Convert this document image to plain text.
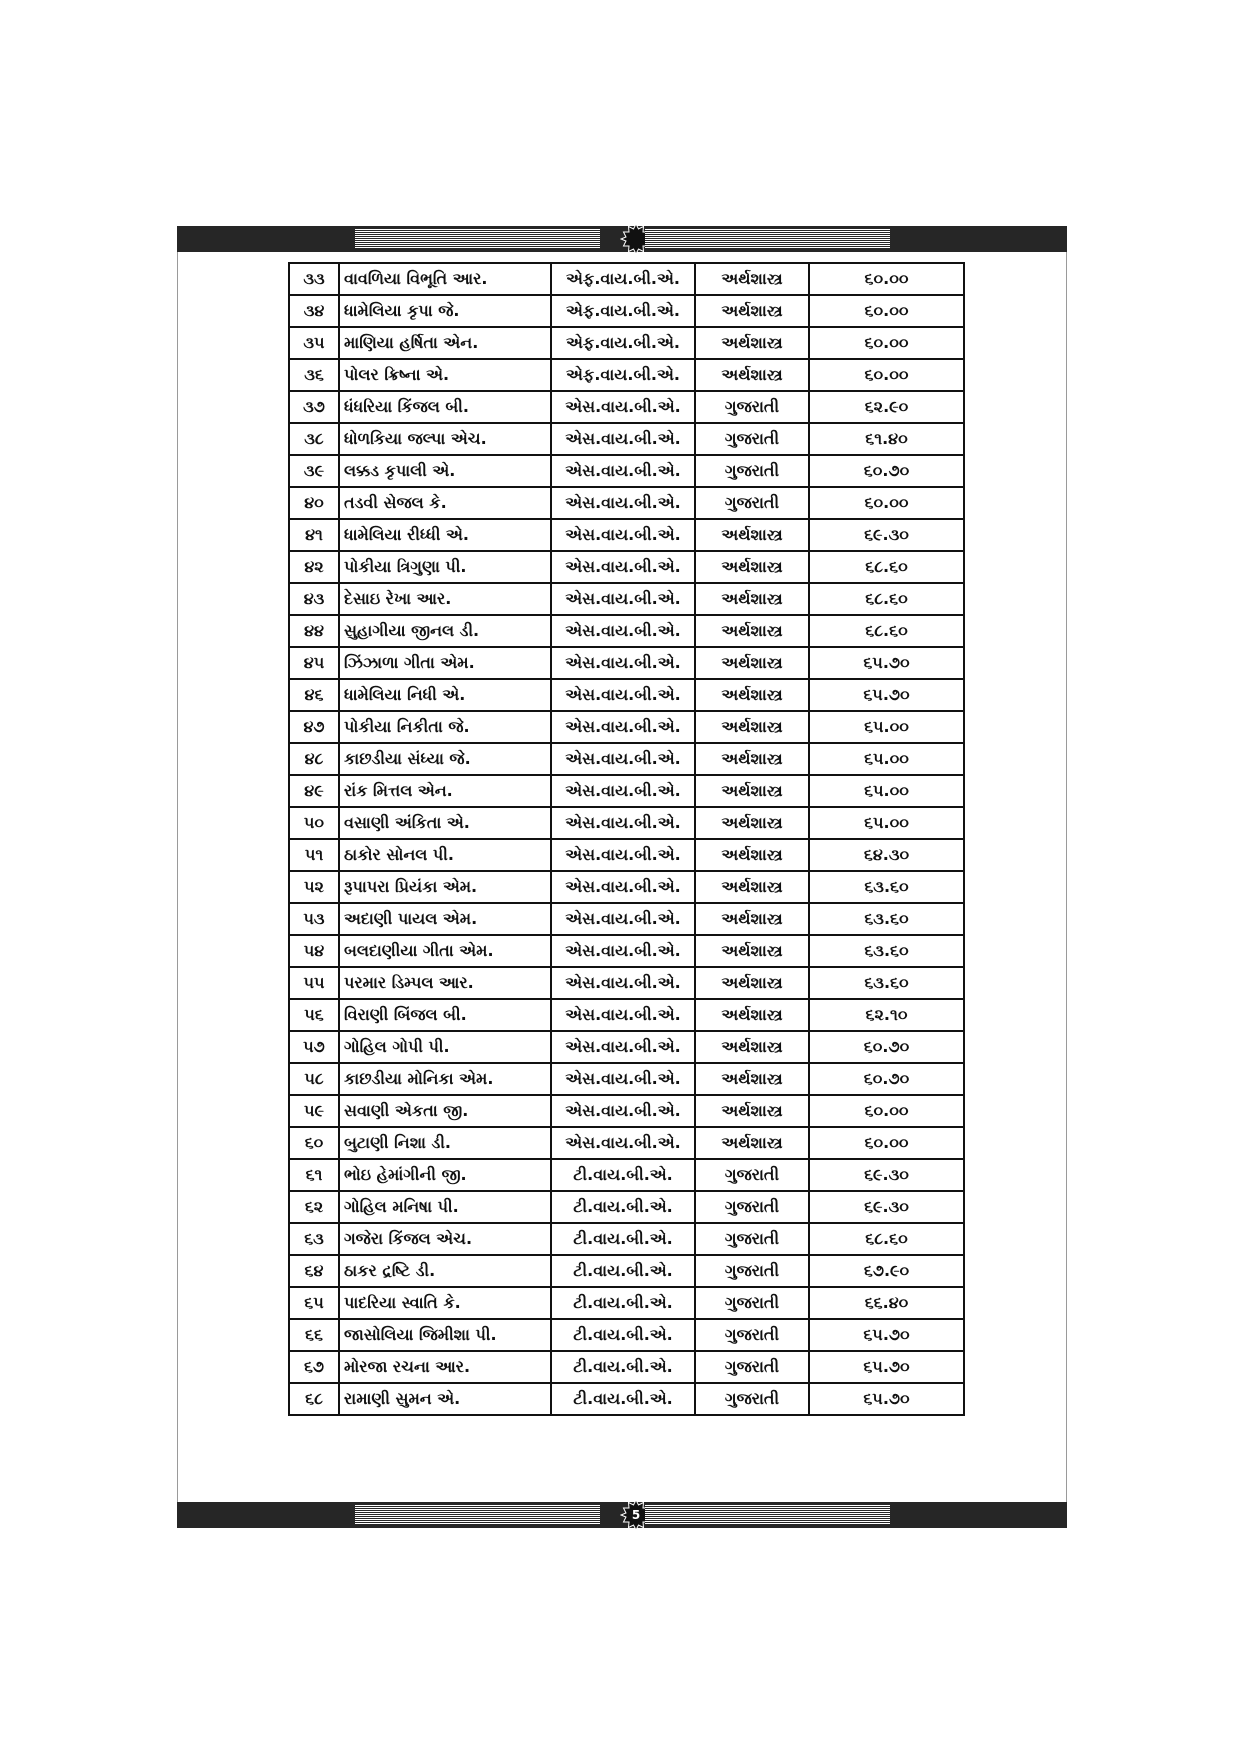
૩૩	વાવળિયા વિભૂતિ આર.	એફ.વાય.બી.એ.	અર્થશાસ્ત્ર	૬૦.૦૦
૩૪	ધામેલિયા કૃપા જે.	એફ.વાય.બી.એ.	અર્થશાસ્ત્ર	૬૦.૦૦
૩૫	માણિયા હર્ષિતા એન.	એફ.વાય.બી.એ.	અર્થશાસ્ત્ર	૬૦.૦૦
૩૬	પોલર ક્રિષ્ના એ.	એફ.વાય.બી.એ.	અર્થશાસ્ત્ર	૬૦.૦૦
૩૭	ધંધરિયા કિંજલ બી.	એસ.વાય.બી.એ.	ગુજરાતી	૬૨.૯૦
૩૮	ધોળકિયા જલ્પા એચ.	એસ.વાય.બી.એ.	ગુજરાતી	૬૧.૪૦
૩૯	લક્કડ કૃપાલી એ.	એસ.વાય.બી.એ.	ગુજરાતી	૬૦.૭૦
૪૦	તડવી સેજલ કે.	એસ.વાય.બી.એ.	ગુજરાતી	૬૦.૦૦
૪૧	ધામેલિયા રીધ્ધી એ.	એસ.વાય.બી.એ.	અર્થશાસ્ત્ર	૬૯.૩૦
૪૨	પોકીયા ત્રિગુણા પી.	એસ.વાય.બી.એ.	અર્થશાસ્ત્ર	૬૮.૬૦
૪૩	દેસાઇ રેખા આર.	એસ.વાય.બી.એ.	અર્થશાસ્ત્ર	૬૮.૬૦
૪૪	સુહાગીયા જીનલ ડી.	એસ.વાય.બી.એ.	અર્થશાસ્ત્ર	૬૮.૬૦
૪૫	ઝિંઝાળા ગીતા એમ.	એસ.વાય.બી.એ.	અર્થશાસ્ત્ર	૬૫.૭૦
૪૬	ધામેલિયા નિધી એ.	એસ.વાય.બી.એ.	અર્થશાસ્ત્ર	૬૫.૭૦
૪૭	પોકીયા નિકીતા જે.	એસ.વાય.બી.એ.	અર્થશાસ્ત્ર	૬૫.૦૦
૪૮	કાછડીયા સંધ્યા જે.	એસ.વાય.બી.એ.	અર્થશાસ્ત્ર	૬૫.૦૦
૪૯	રાંક મિત્તલ એન.	એસ.વાય.બી.એ.	અર્થશાસ્ત્ર	૬૫.૦૦
૫૦	વસાણી અંકિતા એ.	એસ.વાય.બી.એ.	અર્થશાસ્ત્ર	૬૫.૦૦
૫૧	ઠાકોર સોનલ પી.	એસ.વાય.બી.એ.	અર્થશાસ્ત્ર	૬૪.૩૦
૫૨	રૂપાપરા પ્રિયંકા એમ.	એસ.વાય.બી.એ.	અર્થશાસ્ત્ર	૬૩.૬૦
૫૩	અદાણી પાયલ એમ.	એસ.વાય.બી.એ.	અર્થશાસ્ત્ર	૬૩.૬૦
૫૪	બલદાણીયા ગીતા એમ.	એસ.વાય.બી.એ.	અર્થશાસ્ત્ર	૬૩.૬૦
૫૫	પરમાર ડિમ્પલ આર.	એસ.વાય.બી.એ.	અર્થશાસ્ત્ર	૬૩.૬૦
૫૬	વિરાણી બિંજલ બી.	એસ.વાય.બી.એ.	અર્થશાસ્ત્ર	૬૨.૧૦
૫૭	ગોહિલ ગોપી પી.	એસ.વાય.બી.એ.	અર્થશાસ્ત્ર	૬૦.૭૦
૫૮	કાછડીયા મોનિકા એમ.	એસ.વાય.બી.એ.	અર્થશાસ્ત્ર	૬૦.૭૦
૫૯	સવાણી એકતા જી.	એસ.વાય.બી.એ.	અર્થશાસ્ત્ર	૬૦.૦૦
૬૦	બુટાણી નિશા ડી.	એસ.વાય.બી.એ.	અર્થશાસ્ત્ર	૬૦.૦૦
૬૧	ભોઇ હેમાંગીની જી.	ટી.વાય.બી.એ.	ગુજરાતી	૬૯.૩૦
૬૨	ગોહિલ મનિષા પી.	ટી.વાય.બી.એ.	ગુજરાતી	૬૯.૩૦
૬૩	ગજેરા કિંજલ એચ.	ટી.વાય.બી.એ.	ગુજરાતી	૬૮.૬૦
૬૪	ઠાકર દ્રષ્ટિ ડી.	ટી.વાય.બી.એ.	ગુજરાતી	૬૭.૯૦
૬૫	પાદરિયા સ્વાતિ કે.	ટી.વાય.બી.એ.	ગુજરાતી	૬૬.૪૦
૬૬	જાસોલિયા જિમીશા પી.	ટી.વાય.બી.એ.	ગુજરાતી	૬૫.૭૦
૬૭	મોરજા રચના આર.	ટી.વાય.બી.એ.	ગુજરાતી	૬૫.૭૦
૬૮	રામાણી સુમન એ.	ટી.વાય.બી.એ.	ગુજરાતી	૬૫.૭૦
5
